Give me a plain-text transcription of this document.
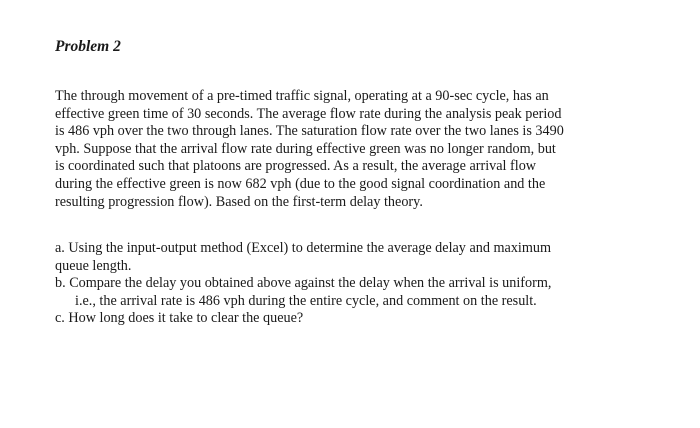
Problem 2
The through movement of a pre-timed traffic signal, operating at a 90-sec cycle, has an
effective green time of 30 seconds. The average flow rate during the analysis peak period
is 486 vph over the two through lanes. The saturation flow rate over the two lanes is 3490
vph. Suppose that the arrival flow rate during effective green was no longer random, but
is coordinated such that platoons are progressed. As a result, the average arrival flow
during the effective green is now 682 vph (due to the good signal coordination and the
resulting progression flow). Based on the first-term delay theory.
a. Using the input-output method (Excel) to determine the average delay and maximum
queue length.
b. Compare the delay you obtained above against the delay when the arrival is uniform,
i.e., the arrival rate is 486 vph during the entire cycle, and comment on the result.
c. How long does it take to clear the queue?
